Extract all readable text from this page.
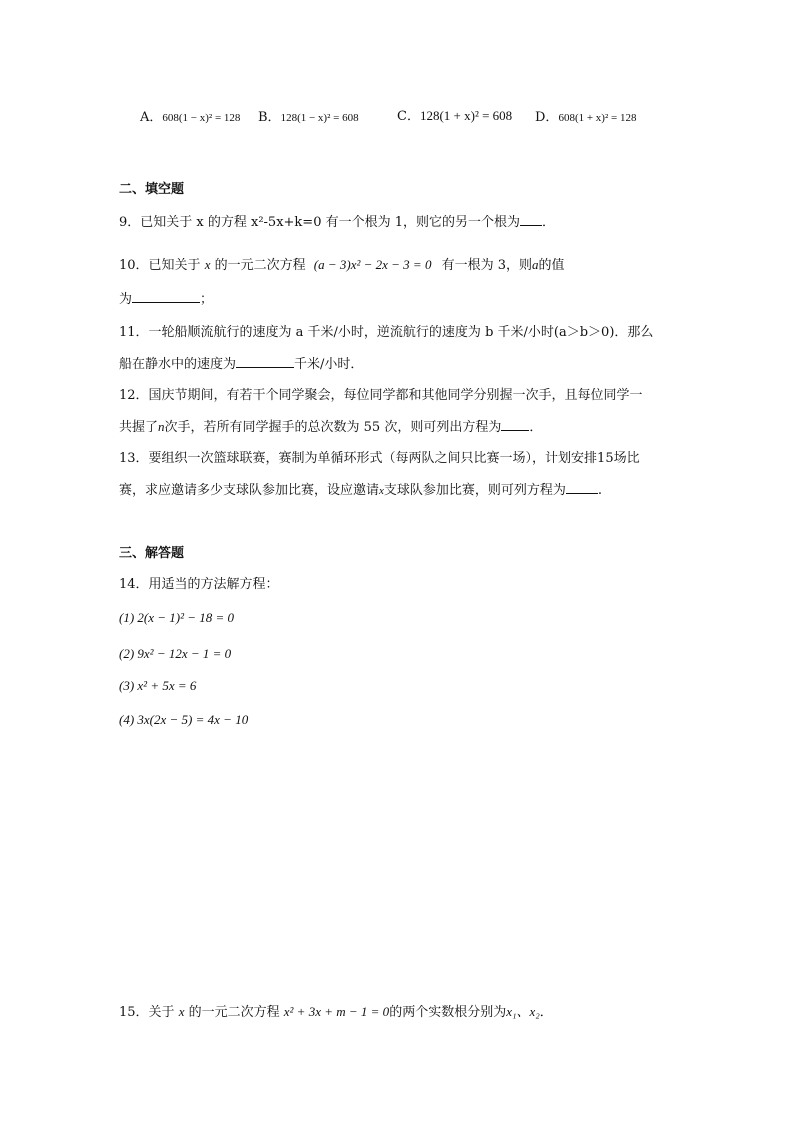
A．608(1 − x)² = 128 B．128(1 − x)² = 608	C．128(1 + x)² = 608 D．608(1 + x)² = 128
二、填空题
9．已知关于 x 的方程 x²-5x+k=0 有一个根为 1，则它的另一个根为 ．
10．已知关于 x 的一元二次方程 (a − 3)x² − 2x − 3 = 0 有一根为 3，则a的值
为	；
11．一轮船顺流航行的速度为 a 千米/小时，逆流航行的速度为 b 千米/小时(a＞b＞0)．那么
船在静水中的速度为	千米/小时．
12．国庆节期间，有若干个同学聚会，每位同学都和其他同学分别握一次手，且每位同学一
共握了n次手，若所有同学握手的总次数为 55 次，则可列出方程为 ．
13．要组织一次篮球联赛，赛制为单循环形式（每两队之间只比赛一场），计划安排15场比
赛，求应邀请多少支球队参加比赛，设应邀请x支球队参加比赛，则可列方程为 .
三、解答题
14．用适当的方法解方程：
(1) 2(x − 1)² − 18 = 0
(2) 9x² − 12x − 1 = 0
(3) x² + 5x = 6
(4) 3x(2x − 5) = 4x − 10
15．关于 x 的一元二次方程 x² + 3x + m − 1 = 0的两个实数根分别为x₁、x₂．
